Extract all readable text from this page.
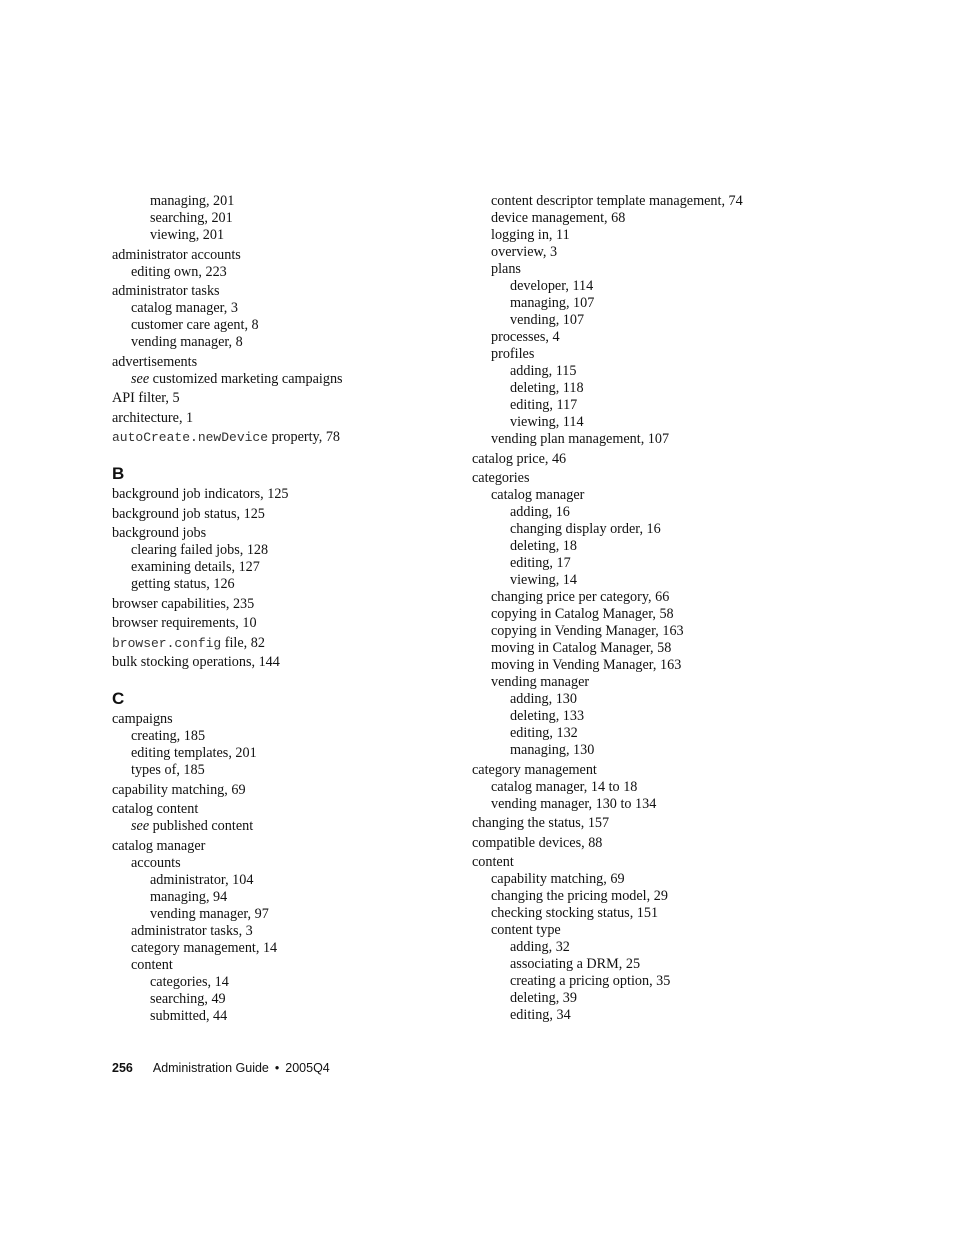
managing, 201
searching, 201
viewing, 201
administrator accounts
editing own, 223
administrator tasks
catalog manager, 3
customer care agent, 8
vending manager, 8
advertisements
see customized marketing campaigns
API filter, 5
architecture, 1
autoCreate.newDevice property, 78
B
background job indicators, 125
background job status, 125
background jobs
clearing failed jobs, 128
examining details, 127
getting status, 126
browser capabilities, 235
browser requirements, 10
browser.config file, 82
bulk stocking operations, 144
C
campaigns
creating, 185
editing templates, 201
types of, 185
capability matching, 69
catalog content
see published content
catalog manager
accounts
administrator, 104
managing, 94
vending manager, 97
administrator tasks, 3
category management, 14
content
categories, 14
searching, 49
submitted, 44
content descriptor template management, 74
device management, 68
logging in, 11
overview, 3
plans
developer, 114
managing, 107
vending, 107
processes, 4
profiles
adding, 115
deleting, 118
editing, 117
viewing, 114
vending plan management, 107
catalog price, 46
categories
catalog manager
adding, 16
changing display order, 16
deleting, 18
editing, 17
viewing, 14
changing price per category, 66
copying in Catalog Manager, 58
copying in Vending Manager, 163
moving in Catalog Manager, 58
moving in Vending Manager, 163
vending manager
adding, 130
deleting, 133
editing, 132
managing, 130
category management
catalog manager, 14 to 18
vending manager, 130 to 134
changing the status, 157
compatible devices, 88
content
capability matching, 69
changing the pricing model, 29
checking stocking status, 151
content type
adding, 32
associating a DRM, 25
creating a pricing option, 35
deleting, 39
editing, 34
256 Administration Guide • 2005Q4
